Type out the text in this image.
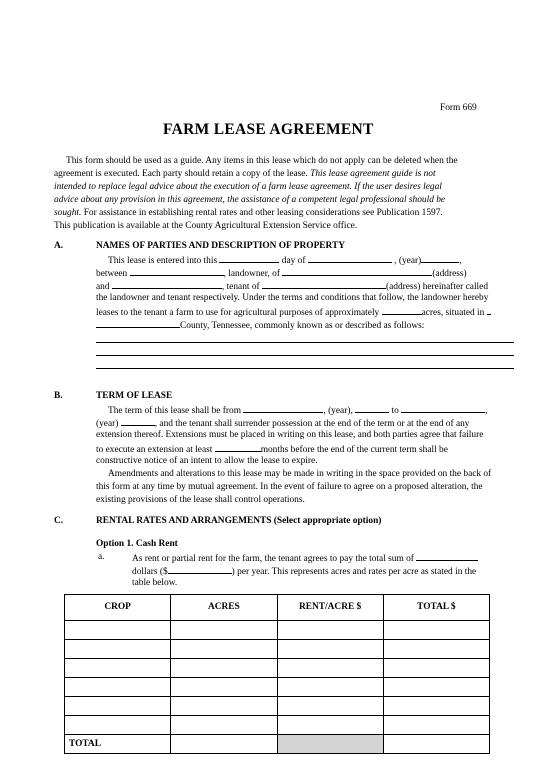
Form 669
FARM LEASE AGREEMENT
This form should be used as a guide. Any items in this lease which do not apply can be deleted when the
agreement is executed. Each party should retain a copy of the lease. This lease agreement guide is not
intended to replace legal advice about the execution of a farm lease agreement. If the user desires legal
advice about any provision in this agreement, the assistance of a competent legal professional should be
sought. For assistance in establishing rental rates and other leasing considerations see Publication 1597.
This publication is available at the County Agricultural Extension Service office.
A.	NAMES OF PARTIES AND DESCRIPTION OF PROPERTY
This lease is entered into this	day of	, (year)	,
between	, landowner, of	(address)
and	, tenant of	(address) hereinafter called
the landowner and tenant respectively. Under the terms and conditions that follow, the landowner hereby
leases to the tenant a farm to use for agricultural purposes of approximately	acres, situated in
County, Tennessee, commonly known as or described as follows:
B.	TERM OF LEASE
The term of this lease shall be from	, (year),	to	,
(year)	, and the tenant shall surrender possession at the end of the term or at the end of any
extension thereof. Extensions must be placed in writing on this lease, and both parties agree that failure
to execute an extension at least	months before the end of the current term shall be
constructive notice of an intent to allow the lease to expire.
Amendments and alterations to this lease may be made in writing in the space provided on the back of
this form at any time by mutual agreement. In the event of failure to agree on a proposed alteration, the
existing provisions of the lease shall control operations.
C.	RENTAL RATES AND ARRANGEMENTS (Select appropriate option)
Option 1. Cash Rent
a.	As rent or partial rent for the farm, the tenant agrees to pay the total sum of
dollars ($	) per year. This represents acres and rates per acre as stated in the
table below.
CROP	ACRES	RENT/ACRE $	TOTAL $

TOTAL			
